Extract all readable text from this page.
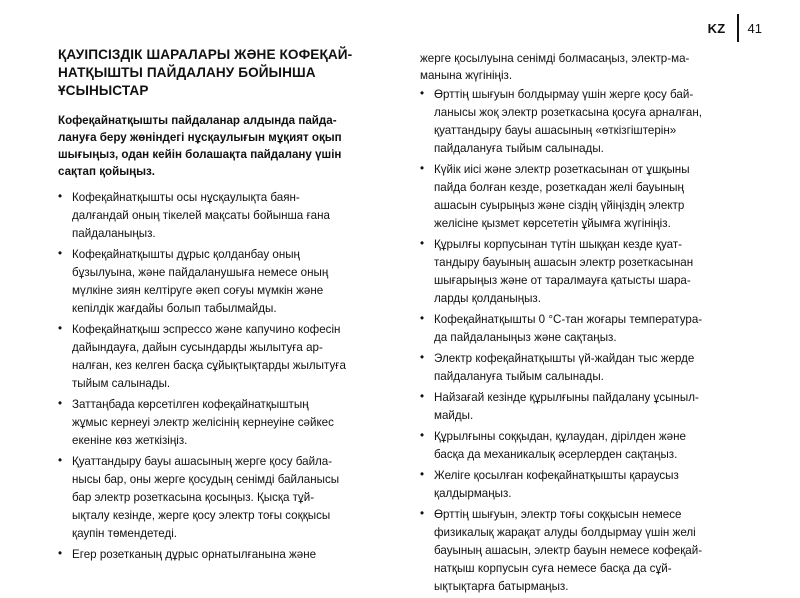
KZ 41
ҚАУІПСІЗДІК ШАРАЛАРЫ ЖӘНЕ КОФЕҚАЙ-
НАТҚЫШТЫ ПАЙДАЛАНУ БОЙЫНША
ҰСЫНЫСТАР

Кофеқайнатқышты пайдаланар алдында пайда-
лануға беру жөніндегі нұсқаулығын мұқият оқып
шығыңыз, одан кейін болашақта пайдалану үшін
сақтап қойыңыз.

• Кофеқайнатқышты осы нұсқаулықта баян-
далғандай оның тікелей мақсаты бойынша ғана
пайдаланыңыз.
• Кофеқайнатқышты дұрыс қолданбау оның
бұзылуына, және пайдаланушыға немесе оның
мүлкіне зиян келтіруге әкеп соғуы мүмкін және
кепілдік жағдайы болып табылмайды.
• Кофеқайнатқыш эспрессо және капучино кофесін
дайындауға, дайын сусындарды жылытуға ар-
налған, кез келген басқа сұйықтықтарды жылытуға
тыйым салынады.
• Заттаңбада көрсетілген кофеқайнатқыштың
жұмыс кернеуі электр желісінің кернеуіне сәйкес
екеніне көз жеткізіңіз.
• Қуаттандыру бауы ашасының жерге қосу байла-
нысы бар, оны жерге қосудың сенімді байланысы
бар электр розеткасына қосыңыз. Қысқа тұй-
ықталу кезінде, жерге қосу электр тоғы соққысы
қаупін төмендетеді.
• Егер розетканың дұрыс орнатылғанына және

жерге қосылуына сенімді болмасаңыз, электр-ма-
манына жүгініңіз.

• Өрттің шығуын болдырмау үшін жерге қосу бай-
ланысы жоқ электр розеткасына қосуға арналған,
қуаттандыру бауы ашасының «өткізгіштерін»
пайдалануға тыйым салынады.
• Күйік иісі және электр розеткасынан от ұшқыны
пайда болған кезде, розеткадан желі бауының
ашасын суырыңыз және сіздің үйіңіздің электр
желісіне қызмет көрсететін ұйымға жүгініңіз.
• Құрылғы корпусынан түтін шыққан кезде қуат-
тандыру бауының ашасын электр розеткасынан
шығарыңыз және от таралмауға қатысты шара-
ларды қолданыңыз.
• Кофеқайнатқышты 0 °С-тан жоғары температура-
да пайдаланыңыз және сақтаңыз.
• Электр кофеқайнатқышты үй-жайдан тыс жерде
пайдалануға тыйым салынады.
• Найзағай кезінде құрылғыны пайдалану ұсыныл-
майды.
• Құрылғыны соққыдан, құлаудан, дірілден және
басқа да механикалық әсерлерден сақтаңыз.
• Желіге қосылған кофеқайнатқышты қараусыз
қалдырмаңыз.
• Өрттің шығуын, электр тоғы соққысын немесе
физикалық жарақат алуды болдырмау үшін желі
бауының ашасын, электр бауын немесе кофеқай-
натқыш корпусын суға немесе басқа да сұй-
ықтықтарға батырмаңыз.
